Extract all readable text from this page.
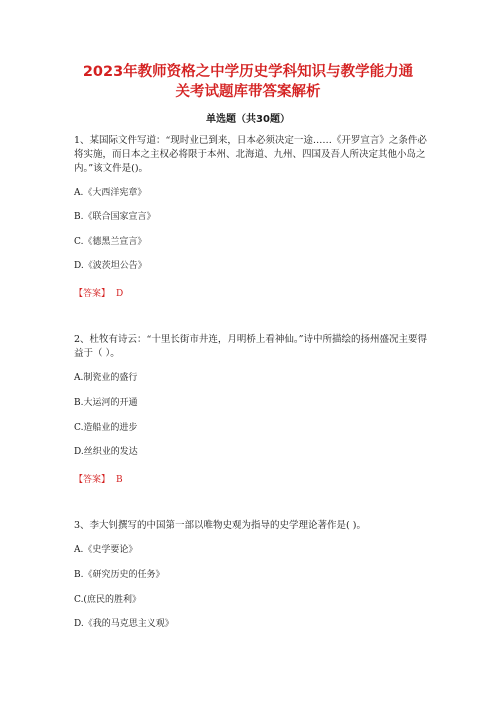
2023年教师资格之中学历史学科知识与教学能力通
关考试题库带答案解析
单选题（共30题）

1、某国际文件写道：“现时业已到来，日本必须决定一途……《开罗宣言》之条件必将实施，而日本之主权必将限于本州、北海道、九州、四国及吾人所决定其他小岛之内。”该文件是()。

A.《大西洋宪章》
B.《联合国家宣言》
C.《德黑兰宣言》
D.《波茨坦公告》
【答案】 D

2、杜牧有诗云：“十里长街市井连，月明桥上看神仙。”诗中所描绘的扬州盛况主要得益于（ ）。

A.制瓷业的盛行
B.大运河的开通
C.造船业的进步
D.丝织业的发达
【答案】 B

3、李大钊撰写的中国第一部以唯物史观为指导的史学理论著作是( )。

A.《史学要论》
B.《研究历史的任务》
C.(庶民的胜利》
D.《我的马克思主义观》
